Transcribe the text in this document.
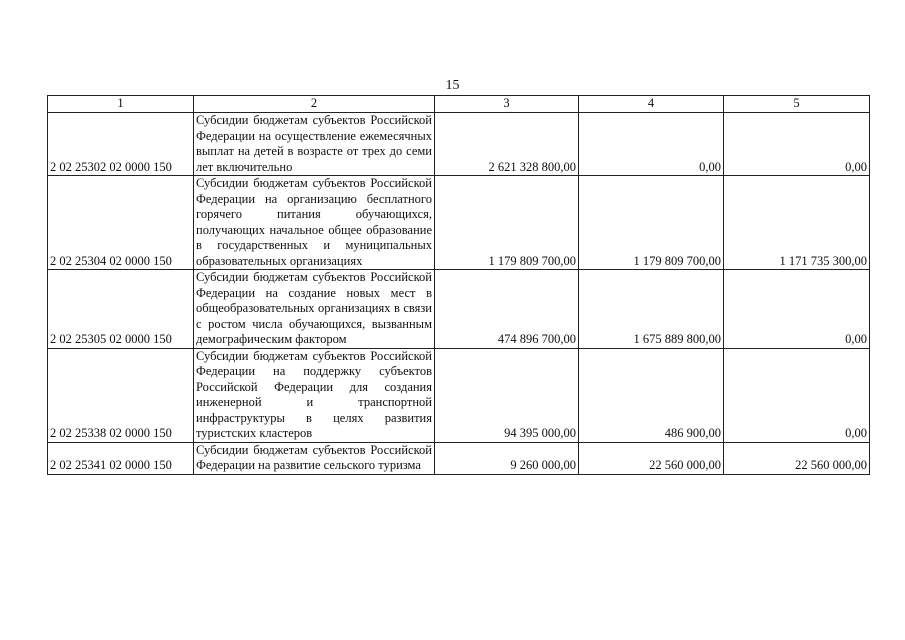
15
1	2	3	4	5
2 02 25302 02 0000 150	Субсидии бюджетам субъектов Российской Федерации на осуществление ежемесячных выплат на детей в возрасте от трех до семи лет включительно	2 621 328 800,00	0,00	0,00
2 02 25304 02 0000 150	Субсидии бюджетам субъектов Российской Федерации на организацию бесплатного горячего питания обучающихся, получающих начальное общее образование в государственных и муниципальных образовательных организациях	1 179 809 700,00	1 179 809 700,00	1 171 735 300,00
2 02 25305 02 0000 150	Субсидии бюджетам субъектов Российской Федерации на создание новых мест в общеобразовательных организациях в связи с ростом числа обучающихся, вызванным демографическим фактором	474 896 700,00	1 675 889 800,00	0,00
2 02 25338 02 0000 150	Субсидии бюджетам субъектов Российской Федерации на поддержку субъектов Российской Федерации для создания инженерной и транспортной инфраструктуры в целях развития туристских кластеров	94 395 000,00	486 900,00	0,00
2 02 25341 02 0000 150	Субсидии бюджетам субъектов Российской Федерации на развитие сельского туризма	9 260 000,00	22 560 000,00	22 560 000,00
